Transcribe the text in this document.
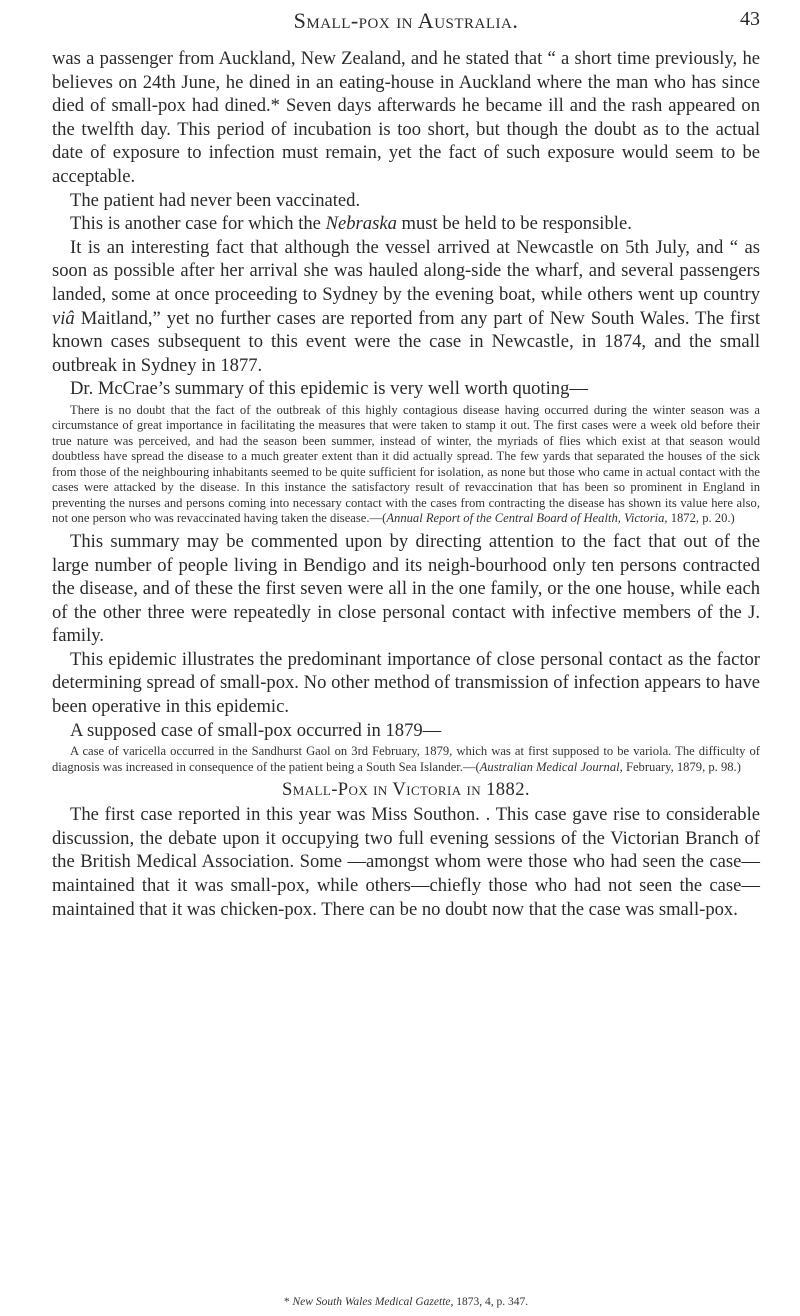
Small-pox in Australia.	43

was a passenger from Auckland, New Zealand, and he stated that “ a short time previously, he believes on 24th June, he dined in an eating-house in Auckland where the man who has since died of small-pox had dined.* Seven days afterwards he became ill and the rash appeared on the twelfth day. This period of incubation is too short, but though the doubt as to the actual date of exposure to infection must remain, yet the fact of such exposure would seem to be acceptable.

The patient had never been vaccinated.

This is another case for which the Nebraska must be held to be responsible.

It is an interesting fact that although the vessel arrived at Newcastle on 5th July, and “ as soon as possible after her arrival she was hauled along-side the wharf, and several passengers landed, some at once proceeding to Sydney by the evening boat, while others went up country viâ Maitland,” yet no further cases are reported from any part of New South Wales. The first known cases subsequent to this event were the case in Newcastle, in 1874, and the small outbreak in Sydney in 1877.

Dr. McCrae’s summary of this epidemic is very well worth quoting—

There is no doubt that the fact of the outbreak of this highly contagious disease having occurred during the winter season was a circumstance of great importance in facilitating the measures that were taken to stamp it out. The first cases were a week old before their true nature was perceived, and had the season been summer, instead of winter, the myriads of flies which exist at that season would doubtless have spread the disease to a much greater extent than it did actually spread. The few yards that separated the houses of the sick from those of the neighbouring inhabitants seemed to be quite sufficient for isolation, as none but those who came in actual contact with the cases were attacked by the disease. In this instance the satisfactory result of revaccination that has been so prominent in England in preventing the nurses and persons coming into necessary contact with the cases from contracting the disease has shown its value here also, not one person who was revaccinated having taken the disease.—(Annual Report of the Central Board of Health, Victoria, 1872, p. 20.)

This summary may be commented upon by directing attention to the fact that out of the large number of people living in Bendigo and its neigh-bourhood only ten persons contracted the disease, and of these the first seven were all in the one family, or the one house, while each of the other three were repeatedly in close personal contact with infective members of the J. family.

This epidemic illustrates the predominant importance of close personal contact as the factor determining spread of small-pox. No other method of transmission of infection appears to have been operative in this epidemic.

A supposed case of small-pox occurred in 1879—

A case of varicella occurred in the Sandhurst Gaol on 3rd February, 1879, which was at first supposed to be variola. The difficulty of diagnosis was increased in consequence of the patient being a South Sea Islander.—(Australian Medical Journal, February, 1879, p. 98.)

Small-Pox in Victoria in 1882.

The first case reported in this year was Miss Southon. . This case gave rise to considerable discussion, the debate upon it occupying two full evening sessions of the Victorian Branch of the British Medical Association. Some —amongst whom were those who had seen the case—maintained that it was small-pox, while others—chiefly those who had not seen the case— maintained that it was chicken-pox. There can be no doubt now that the case was small-pox.

* New South Wales Medical Gazette, 1873, 4, p. 347.
